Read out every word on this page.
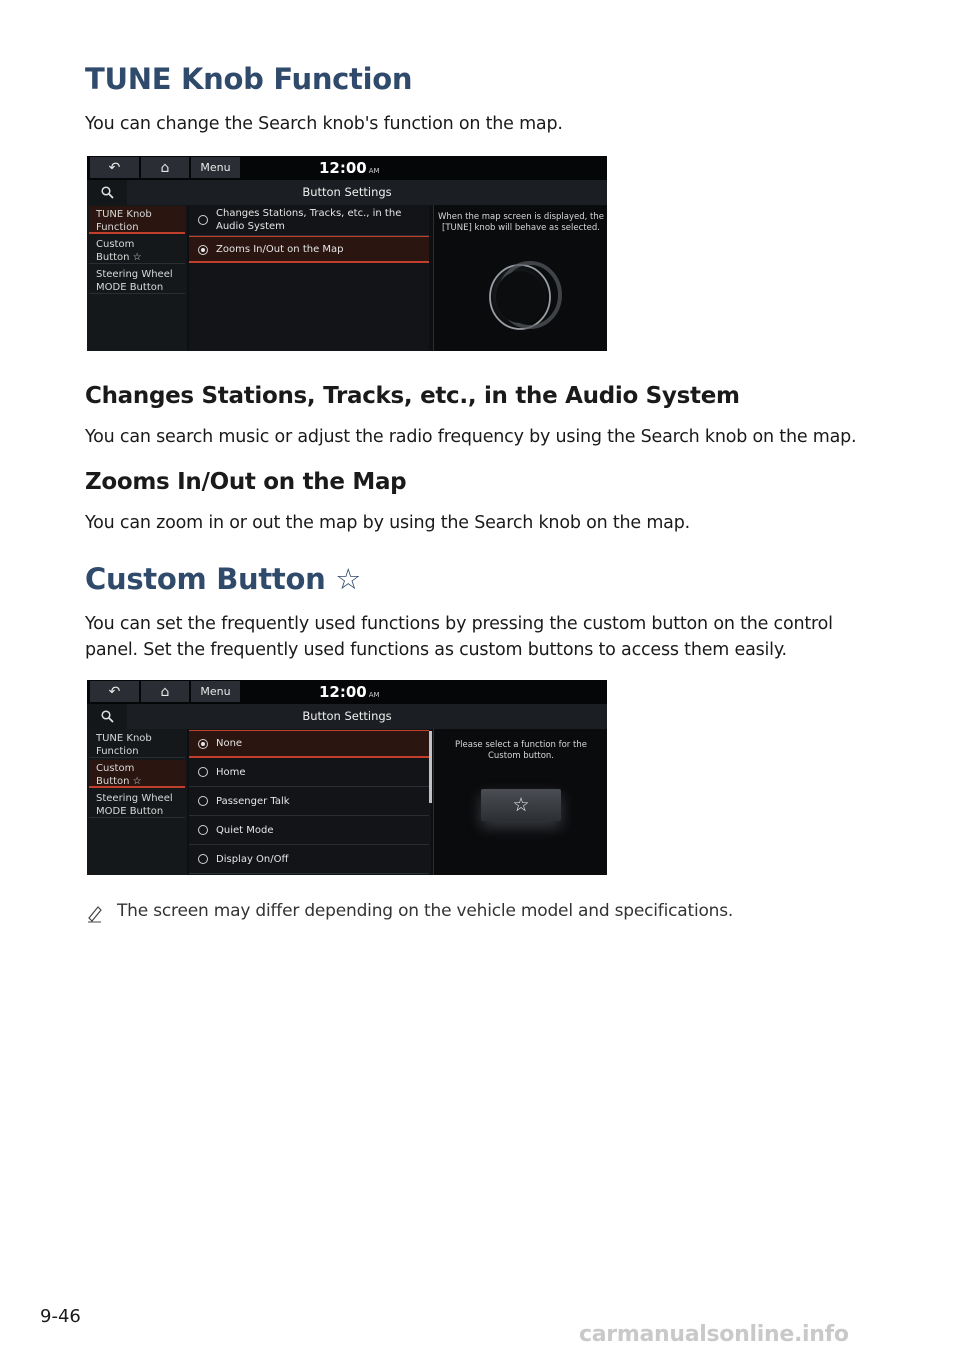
TUNE Knob Function
You can change the Search knob's function on the map.
↶	⌂	Menu	12:00 AM
Button Settings
TUNE Knob
Function
Custom
Button ☆
Steering Wheel
MODE Button
Changes Stations, Tracks, etc., in the
Audio System
Zooms In/Out on the Map
When the map screen is displayed, the [TUNE] knob will behave as selected.
Changes Stations, Tracks, etc., in the Audio System
You can search music or adjust the radio frequency by using the Search knob on the map.
Zooms In/Out on the Map
You can zoom in or out the map by using the Search knob on the map.
Custom Button ☆
You can set the frequently used functions by pressing the custom button on the control
panel. Set the frequently used functions as custom buttons to access them easily.
↶	⌂	Menu	12:00 AM
Button Settings
TUNE Knob
Function
Custom
Button ☆
Steering Wheel
MODE Button
None
Home
Passenger Talk
Quiet Mode
Display On/Off
Please select a function for the Custom button.
☆
The screen may differ depending on the vehicle model and specifications.
9-46
carmanualsonline.info
